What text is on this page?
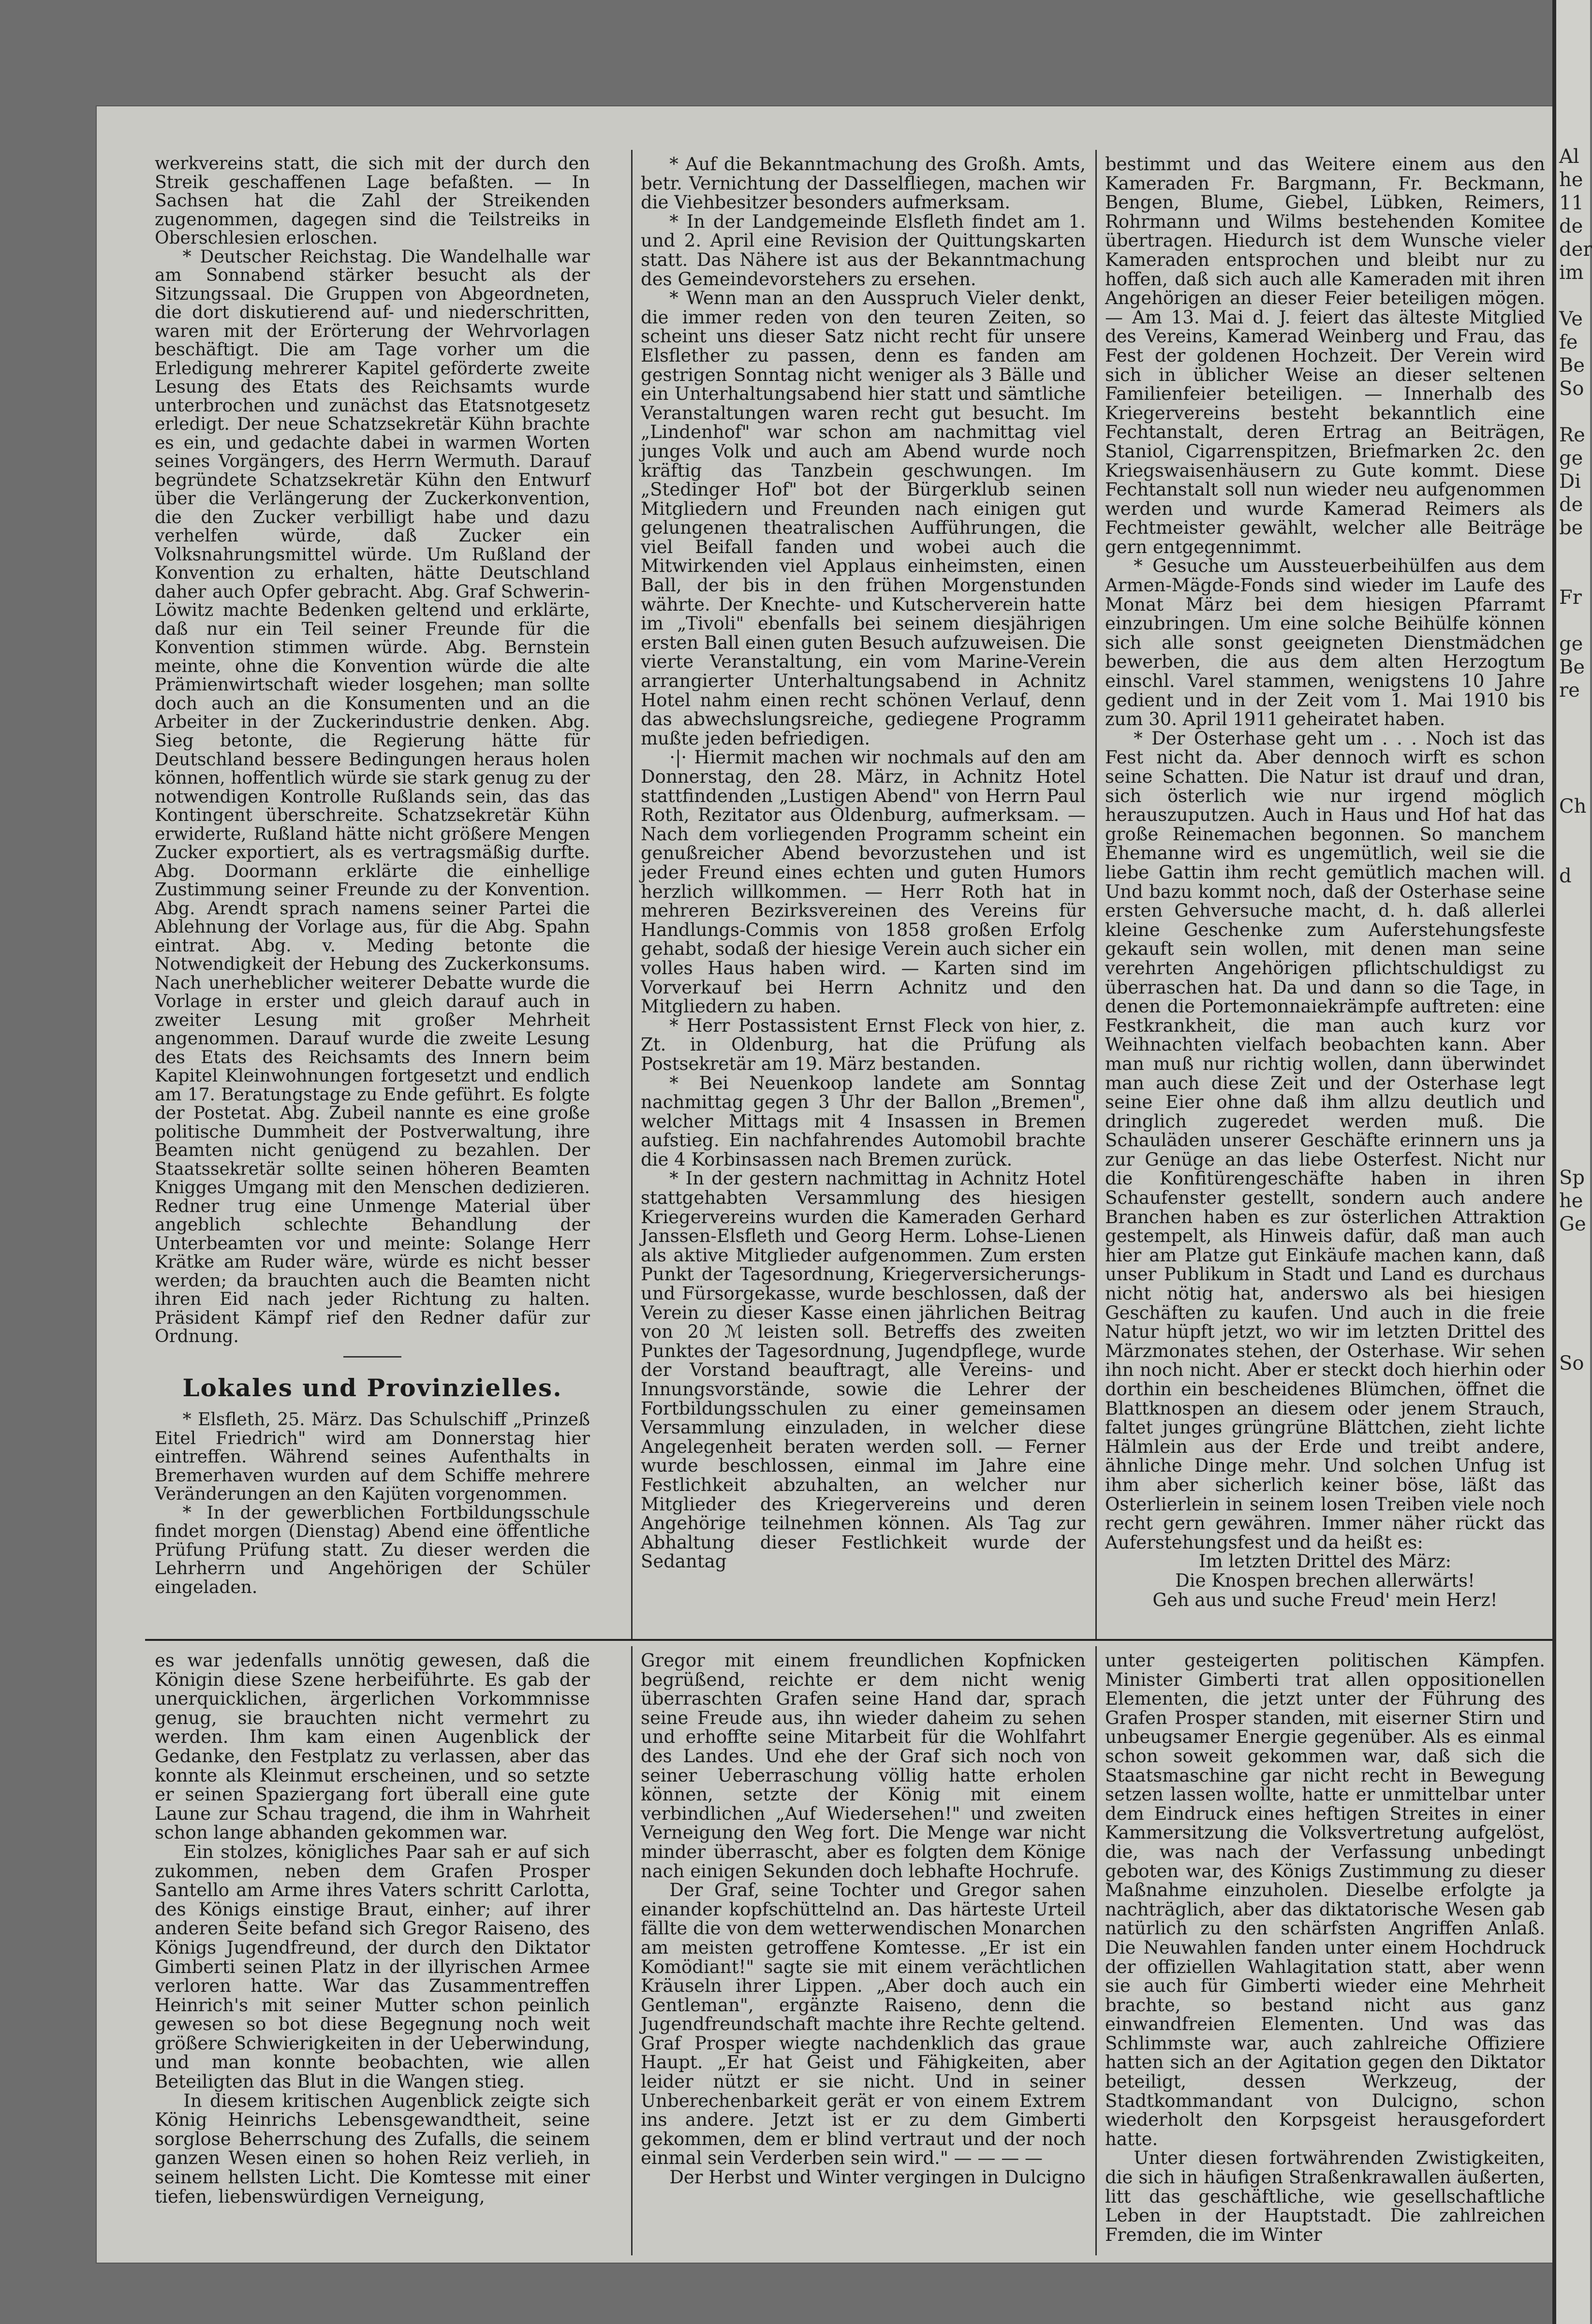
werkvereins statt, die sich mit der durch den Streik geschaffenen Lage befaßten. — In Sachsen hat die Zahl der Streikenden zugenommen, dagegen sind die Teilstreiks in Oberschlesien erloschen.

* Deutscher Reichstag. Die Wandelhalle war am Sonnabend stärker besucht als der Sitzungssaal. Die Gruppen von Abgeordneten, die dort diskutierend auf- und niederschritten, waren mit der Erörterung der Wehrvorlagen beschäftigt. Die am Tage vorher um die Erledigung mehrerer Kapitel geförderte zweite Lesung des Etats des Reichsamts wurde unterbrochen und zunächst das Etatsnotgesetz erledigt. Der neue Schatzsekretär Kühn brachte es ein, und gedachte dabei in warmen Worten seines Vorgängers, des Herrn Wermuth. Darauf begründete Schatzsekretär Kühn den Entwurf über die Verlängerung der Zuckerkonvention, die den Zucker verbilligt habe und dazu verhelfen würde, daß Zucker ein Volksnahrungsmittel würde. Um Rußland der Konvention zu erhalten, hätte Deutschland daher auch Opfer gebracht. Abg. Graf Schwerin-Löwitz machte Bedenken geltend und erklärte, daß nur ein Teil seiner Freunde für die Konvention stimmen würde. Abg. Bernstein meinte, ohne die Konvention würde die alte Prämienwirtschaft wieder losgehen; man sollte doch auch an die Konsumenten und an die Arbeiter in der Zuckerindustrie denken. Abg. Sieg betonte, die Regierung hätte für Deutschland bessere Bedingungen heraus holen können, hoffentlich würde sie stark genug zu der notwendigen Kontrolle Rußlands sein, das das Kontingent überschreite. Schatzsekretär Kühn erwiderte, Rußland hätte nicht größere Mengen Zucker exportiert, als es vertragsmäßig durfte. Abg. Doormann erklärte die einhellige Zustimmung seiner Freunde zu der Konvention. Abg. Arendt sprach namens seiner Partei die Ablehnung der Vorlage aus, für die Abg. Spahn eintrat. Abg. v. Meding betonte die Notwendigkeit der Hebung des Zuckerkonsums. Nach unerheblicher weiterer Debatte wurde die Vorlage in erster und gleich darauf auch in zweiter Lesung mit großer Mehrheit angenommen. Darauf wurde die zweite Lesung des Etats des Reichsamts des Innern beim Kapitel Kleinwohnungen fortgesetzt und endlich am 17. Beratungstage zu Ende geführt. Es folgte der Postetat. Abg. Zubeil nannte es eine große politische Dummheit der Postverwaltung, ihre Beamten nicht genügend zu bezahlen. Der Staatssekretär sollte seinen höheren Beamten Knigges Umgang mit den Menschen dedizieren. Redner trug eine Unmenge Material über angeblich schlechte Behandlung der Unterbeamten vor und meinte: Solange Herr Krätke am Ruder wäre, würde es nicht besser werden; da brauchten auch die Beamten nicht ihren Eid nach jeder Richtung zu halten. Präsident Kämpf rief den Redner dafür zur Ordnung.

Lokales und Provinzielles.

* Elsfleth, 25. März. Das Schulschiff „Prinzeß Eitel Friedrich" wird am Donnerstag hier eintreffen. Während seines Aufenthalts in Bremerhaven wurden auf dem Schiffe mehrere Veränderungen an den Kajüten vorgenommen.

* In der gewerblichen Fortbildungsschule findet morgen (Dienstag) Abend eine öffentliche Prüfung Prüfung statt. Zu dieser werden die Lehrherrn und Angehörigen der Schüler eingeladen.

* Auf die Bekanntmachung des Großh. Amts, betr. Vernichtung der Dasselfliegen, machen wir die Viehbesitzer besonders aufmerksam.

* In der Landgemeinde Elsfleth findet am 1. und 2. April eine Revision der Quittungskarten statt. Das Nähere ist aus der Bekanntmachung des Gemeindevorstehers zu ersehen.

* Wenn man an den Ausspruch Vieler denkt, die immer reden von den teuren Zeiten, so scheint uns dieser Satz nicht recht für unsere Elsflether zu passen, denn es fanden am gestrigen Sonntag nicht weniger als 3 Bälle und ein Unterhaltungsabend hier statt und sämtliche Veranstaltungen waren recht gut besucht. Im „Lindenhof" war schon am nachmittag viel junges Volk und auch am Abend wurde noch kräftig das Tanzbein geschwungen. Im „Stedinger Hof" bot der Bürgerklub seinen Mitgliedern und Freunden nach einigen gut gelungenen theatralischen Aufführungen, die viel Beifall fanden und wobei auch die Mitwirkenden viel Applaus einheimsten, einen Ball, der bis in den frühen Morgenstunden währte. Der Knechte- und Kutscherverein hatte im „Tivoli" ebenfalls bei seinem diesjährigen ersten Ball einen guten Besuch aufzuweisen. Die vierte Veranstaltung, ein vom Marine-Verein arrangierter Unterhaltungsabend in Achnitz Hotel nahm einen recht schönen Verlauf, denn das abwechslungsreiche, gediegene Programm mußte jeden befriedigen.

·|· Hiermit machen wir nochmals auf den am Donnerstag, den 28. März, in Achnitz Hotel stattfindenden „Lustigen Abend" von Herrn Paul Roth, Rezitator aus Oldenburg, aufmerksam. — Nach dem vorliegenden Programm scheint ein genußreicher Abend bevorzustehen und ist jeder Freund eines echten und guten Humors herzlich willkommen. — Herr Roth hat in mehreren Bezirksvereinen des Vereins für Handlungs-Commis von 1858 großen Erfolg gehabt, sodaß der hiesige Verein auch sicher ein volles Haus haben wird. — Karten sind im Vorverkauf bei Herrn Achnitz und den Mitgliedern zu haben.

* Herr Postassistent Ernst Fleck von hier, z. Zt. in Oldenburg, hat die Prüfung als Postsekretär am 19. März bestanden.

* Bei Neuenkoop landete am Sonntag nachmittag gegen 3 Uhr der Ballon „Bremen", welcher Mittags mit 4 Insassen in Bremen aufstieg. Ein nachfahrendes Automobil brachte die 4 Korbinsassen nach Bremen zurück.

* In der gestern nachmittag in Achnitz Hotel stattgehabten Versammlung des hiesigen Kriegervereins wurden die Kameraden Gerhard Janssen-Elsfleth und Georg Herm. Lohse-Lienen als aktive Mitglieder aufgenommen. Zum ersten Punkt der Tagesordnung, Kriegerversicherungs- und Fürsorgekasse, wurde beschlossen, daß der Verein zu dieser Kasse einen jährlichen Beitrag von 20 ℳ leisten soll. Betreffs des zweiten Punktes der Tagesordnung, Jugendpflege, wurde der Vorstand beauftragt, alle Vereins- und Innungsvorstände, sowie die Lehrer der Fortbildungsschulen zu einer gemeinsamen Versammlung einzuladen, in welcher diese Angelegenheit beraten werden soll. — Ferner wurde beschlossen, einmal im Jahre eine Festlichkeit abzuhalten, an welcher nur Mitglieder des Kriegervereins und deren Angehörige teilnehmen können. Als Tag zur Abhaltung dieser Festlichkeit wurde der Sedantag

bestimmt und das Weitere einem aus den Kameraden Fr. Bargmann, Fr. Beckmann, Bengen, Blume, Giebel, Lübken, Reimers, Rohrmann und Wilms bestehenden Komitee übertragen. Hiedurch ist dem Wunsche vieler Kameraden entsprochen und bleibt nur zu hoffen, daß sich auch alle Kameraden mit ihren Angehörigen an dieser Feier beteiligen mögen. — Am 13. Mai d. J. feiert das älteste Mitglied des Vereins, Kamerad Weinberg und Frau, das Fest der goldenen Hochzeit. Der Verein wird sich in üblicher Weise an dieser seltenen Familienfeier beteiligen. — Innerhalb des Kriegervereins besteht bekanntlich eine Fechtanstalt, deren Ertrag an Beiträgen, Staniol, Cigarrenspitzen, Briefmarken 2c. den Kriegswaisenhäusern zu Gute kommt. Diese Fechtanstalt soll nun wieder neu aufgenommen werden und wurde Kamerad Reimers als Fechtmeister gewählt, welcher alle Beiträge gern entgegennimmt.

* Gesuche um Aussteuerbeihülfen aus dem Armen-Mägde-Fonds sind wieder im Laufe des Monat März bei dem hiesigen Pfarramt einzubringen. Um eine solche Beihülfe können sich alle sonst geeigneten Dienstmädchen bewerben, die aus dem alten Herzogtum einschl. Varel stammen, wenigstens 10 Jahre gedient und in der Zeit vom 1. Mai 1910 bis zum 30. April 1911 geheiratet haben.

* Der Osterhase geht um . . . Noch ist das Fest nicht da. Aber dennoch wirft es schon seine Schatten. Die Natur ist drauf und dran, sich österlich wie nur irgend möglich herauszuputzen. Auch in Haus und Hof hat das große Reinemachen begonnen. So manchem Ehemanne wird es ungemütlich, weil sie die liebe Gattin ihm recht gemütlich machen will. Und bazu kommt noch, daß der Osterhase seine ersten Gehversuche macht, d. h. daß allerlei kleine Geschenke zum Auferstehungsfeste gekauft sein wollen, mit denen man seine verehrten Angehörigen pflichtschuldigst zu überraschen hat. Da und dann so die Tage, in denen die Portemonnaiekrämpfe auftreten: eine Festkrankheit, die man auch kurz vor Weihnachten vielfach beobachten kann. Aber man muß nur richtig wollen, dann überwindet man auch diese Zeit und der Osterhase legt seine Eier ohne daß ihm allzu deutlich und dringlich zugeredet werden muß. Die Schauläden unserer Geschäfte erinnern uns ja zur Genüge an das liebe Osterfest. Nicht nur die Konfitürengeschäfte haben in ihren Schaufenster gestellt, sondern auch andere Branchen haben es zur österlichen Attraktion gestempelt, als Hinweis dafür, daß man auch hier am Platze gut Einkäufe machen kann, daß unser Publikum in Stadt und Land es durchaus nicht nötig hat, anderswo als bei hiesigen Geschäften zu kaufen. Und auch in die freie Natur hüpft jetzt, wo wir im letzten Drittel des Märzmonates stehen, der Osterhase. Wir sehen ihn noch nicht. Aber er steckt doch hierhin oder dorthin ein bescheidenes Blümchen, öffnet die Blattknospen an diesem oder jenem Strauch, faltet junges grüngrüne Blättchen, zieht lichte Hälmlein aus der Erde und treibt andere, ähnliche Dinge mehr. Und solchen Unfug ist ihm aber sicherlich keiner böse, läßt das Osterlierlein in seinem losen Treiben viele noch recht gern gewähren. Immer näher rückt das Auferstehungsfest und da heißt es:

Im letzten Drittel des März:

Die Knospen brechen allerwärts!

Geh aus und suche Freud' mein Herz!

es war jedenfalls unnötig gewesen, daß die Königin diese Szene herbeiführte. Es gab der unerquicklichen, ärgerlichen Vorkommnisse genug, sie brauchten nicht vermehrt zu werden. Ihm kam einen Augenblick der Gedanke, den Festplatz zu verlassen, aber das konnte als Kleinmut erscheinen, und so setzte er seinen Spaziergang fort überall eine gute Laune zur Schau tragend, die ihm in Wahrheit schon lange abhanden gekommen war.

Ein stolzes, königliches Paar sah er auf sich zukommen, neben dem Grafen Prosper Santello am Arme ihres Vaters schritt Carlotta, des Königs einstige Braut, einher; auf ihrer anderen Seite befand sich Gregor Raiseno, des Königs Jugendfreund, der durch den Diktator Gimberti seinen Platz in der illyrischen Armee verloren hatte. War das Zusammentreffen Heinrich's mit seiner Mutter schon peinlich gewesen so bot diese Begegnung noch weit größere Schwierigkeiten in der Ueberwindung, und man konnte beobachten, wie allen Beteiligten das Blut in die Wangen stieg.

In diesem kritischen Augenblick zeigte sich König Heinrichs Lebensgewandtheit, seine sorglose Beherrschung des Zufalls, die seinem ganzen Wesen einen so hohen Reiz verlieh, in seinem hellsten Licht. Die Komtesse mit einer tiefen, liebenswürdigen Verneigung,

Gregor mit einem freundlichen Kopfnicken begrüßend, reichte er dem nicht wenig überraschten Grafen seine Hand dar, sprach seine Freude aus, ihn wieder daheim zu sehen und erhoffte seine Mitarbeit für die Wohlfahrt des Landes. Und ehe der Graf sich noch von seiner Ueberraschung völlig hatte erholen können, setzte der König mit einem verbindlichen „Auf Wiedersehen!" und zweiten Verneigung den Weg fort. Die Menge war nicht minder überrascht, aber es folgten dem Könige nach einigen Sekunden doch lebhafte Hochrufe.

Der Graf, seine Tochter und Gregor sahen einander kopfschüttelnd an. Das härteste Urteil fällte die von dem wetterwendischen Monarchen am meisten getroffene Komtesse. „Er ist ein Komödiant!" sagte sie mit einem verächtlichen Kräuseln ihrer Lippen. „Aber doch auch ein Gentleman", ergänzte Raiseno, denn die Jugendfreundschaft machte ihre Rechte geltend. Graf Prosper wiegte nachdenklich das graue Haupt. „Er hat Geist und Fähigkeiten, aber leider nützt er sie nicht. Und in seiner Unberechenbarkeit gerät er von einem Extrem ins andere. Jetzt ist er zu dem Gimberti gekommen, dem er blind vertraut und der noch einmal sein Verderben sein wird." — — — —

Der Herbst und Winter vergingen in Dulcigno

unter gesteigerten politischen Kämpfen. Minister Gimberti trat allen oppositionellen Elementen, die jetzt unter der Führung des Grafen Prosper standen, mit eiserner Stirn und unbeugsamer Energie gegenüber. Als es einmal schon soweit gekommen war, daß sich die Staatsmaschine gar nicht recht in Bewegung setzen lassen wollte, hatte er unmittelbar unter dem Eindruck eines heftigen Streites in einer Kammersitzung die Volksvertretung aufgelöst, die, was nach der Verfassung unbedingt geboten war, des Königs Zustimmung zu dieser Maßnahme einzuholen. Dieselbe erfolgte ja nachträglich, aber das diktatorische Wesen gab natürlich zu den schärfsten Angriffen Anlaß. Die Neuwahlen fanden unter einem Hochdruck der offiziellen Wahlagitation statt, aber wenn sie auch für Gimberti wieder eine Mehrheit brachte, so bestand nicht aus ganz einwandfreien Elementen. Und was das Schlimmste war, auch zahlreiche Offiziere hatten sich an der Agitation gegen den Diktator beteiligt, dessen Werkzeug, der Stadtkommandant von Dulcigno, schon wiederholt den Korpsgeist herausgefordert hatte.

Unter diesen fortwährenden Zwistigkeiten, die sich in häufigen Straßenkrawallen äußerten, litt das geschäftliche, wie gesellschaftliche Leben in der Hauptstadt. Die zahlreichen Fremden, die im Winter

Al
he
11
de
der
im

Ve
fe
Be
So

Re
ge
Di
de
be

Fr

ge
Be
re

Ch

d

Sp
he
Ge

So
